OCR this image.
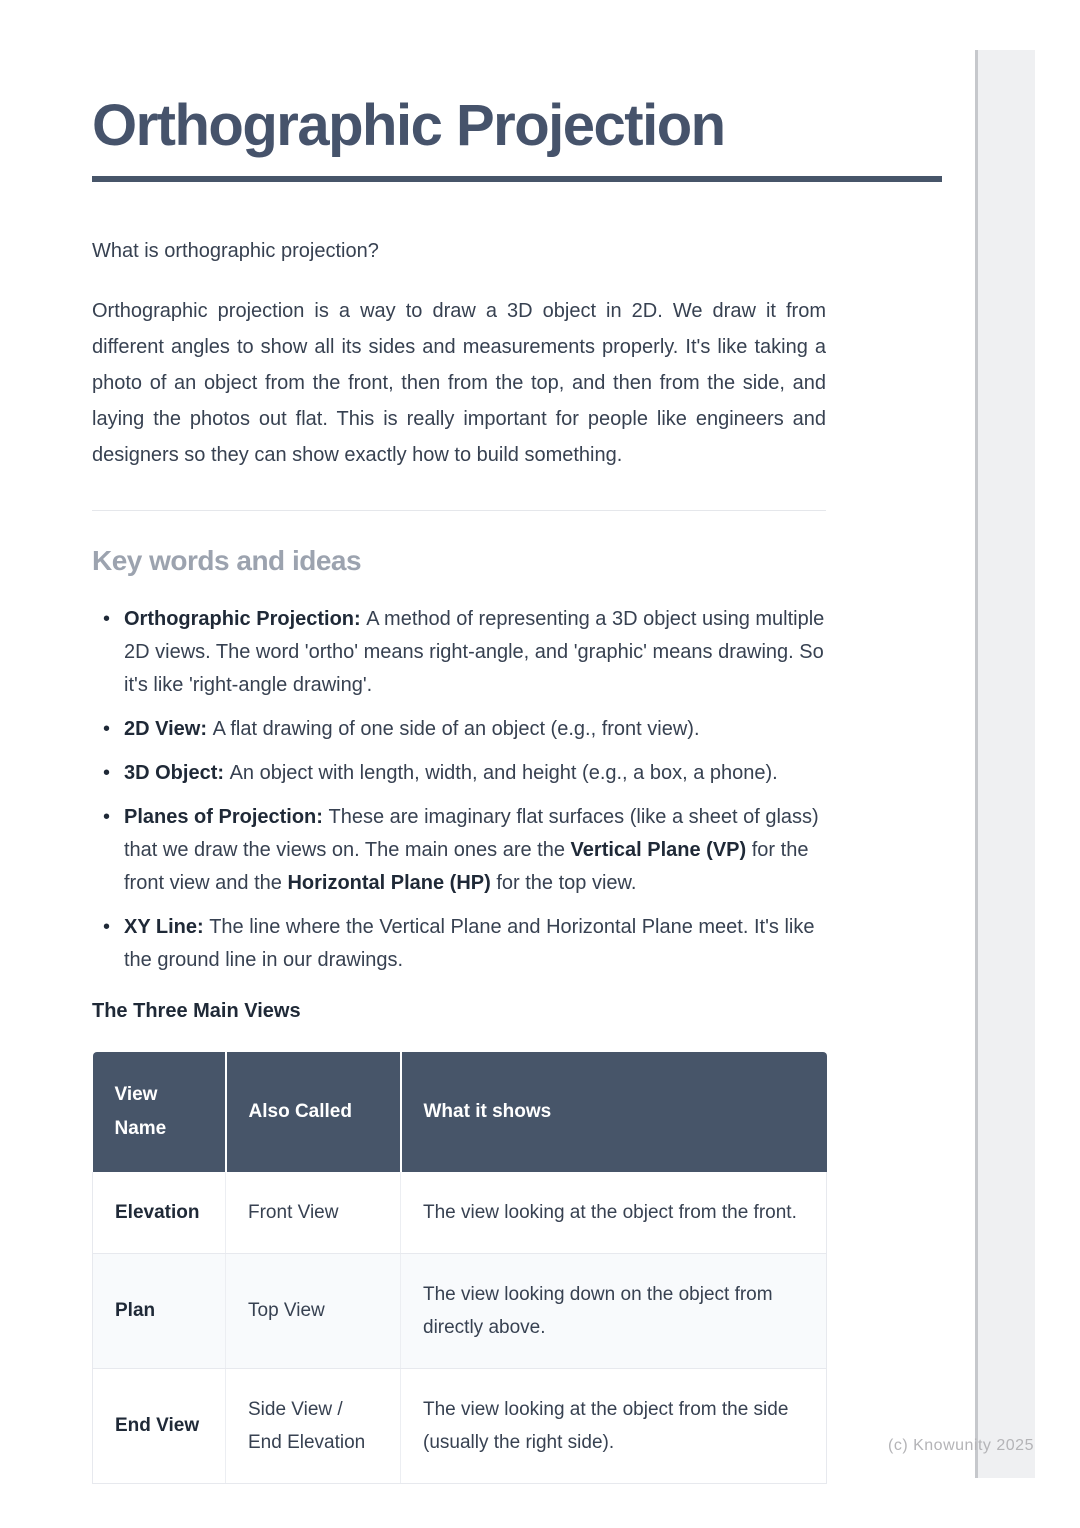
Orthographic Projection

What is orthographic projection?

Orthographic projection is a way to draw a 3D object in 2D. We draw it from different angles to show all its sides and measurements properly. It's like taking a photo of an object from the front, then from the top, and then from the side, and laying the photos out flat. This is really important for people like engineers and designers so they can show exactly how to build something.

Key words and ideas
• Orthographic Projection: A method of representing a 3D object using multiple 2D views. The word 'ortho' means right-angle, and 'graphic' means drawing. So it's like 'right-angle drawing'.
• 2D View: A flat drawing of one side of an object (e.g., front view).
• 3D Object: An object with length, width, and height (e.g., a box, a phone).
• Planes of Projection: These are imaginary flat surfaces (like a sheet of glass) that we draw the views on. The main ones are the Vertical Plane (VP) for the front view and the Horizontal Plane (HP) for the top view.
• XY Line: The line where the Vertical Plane and Horizontal Plane meet. It's like the ground line in our drawings.
The Three Main Views
View Name	Also Called	What it shows
Elevation	Front View	The view looking at the object from the front.
Plan	Top View	The view looking down on the object from directly above.
End View	Side View / End Elevation	The view looking at the object from the side (usually the right side).	(c) Knowunity 2025
